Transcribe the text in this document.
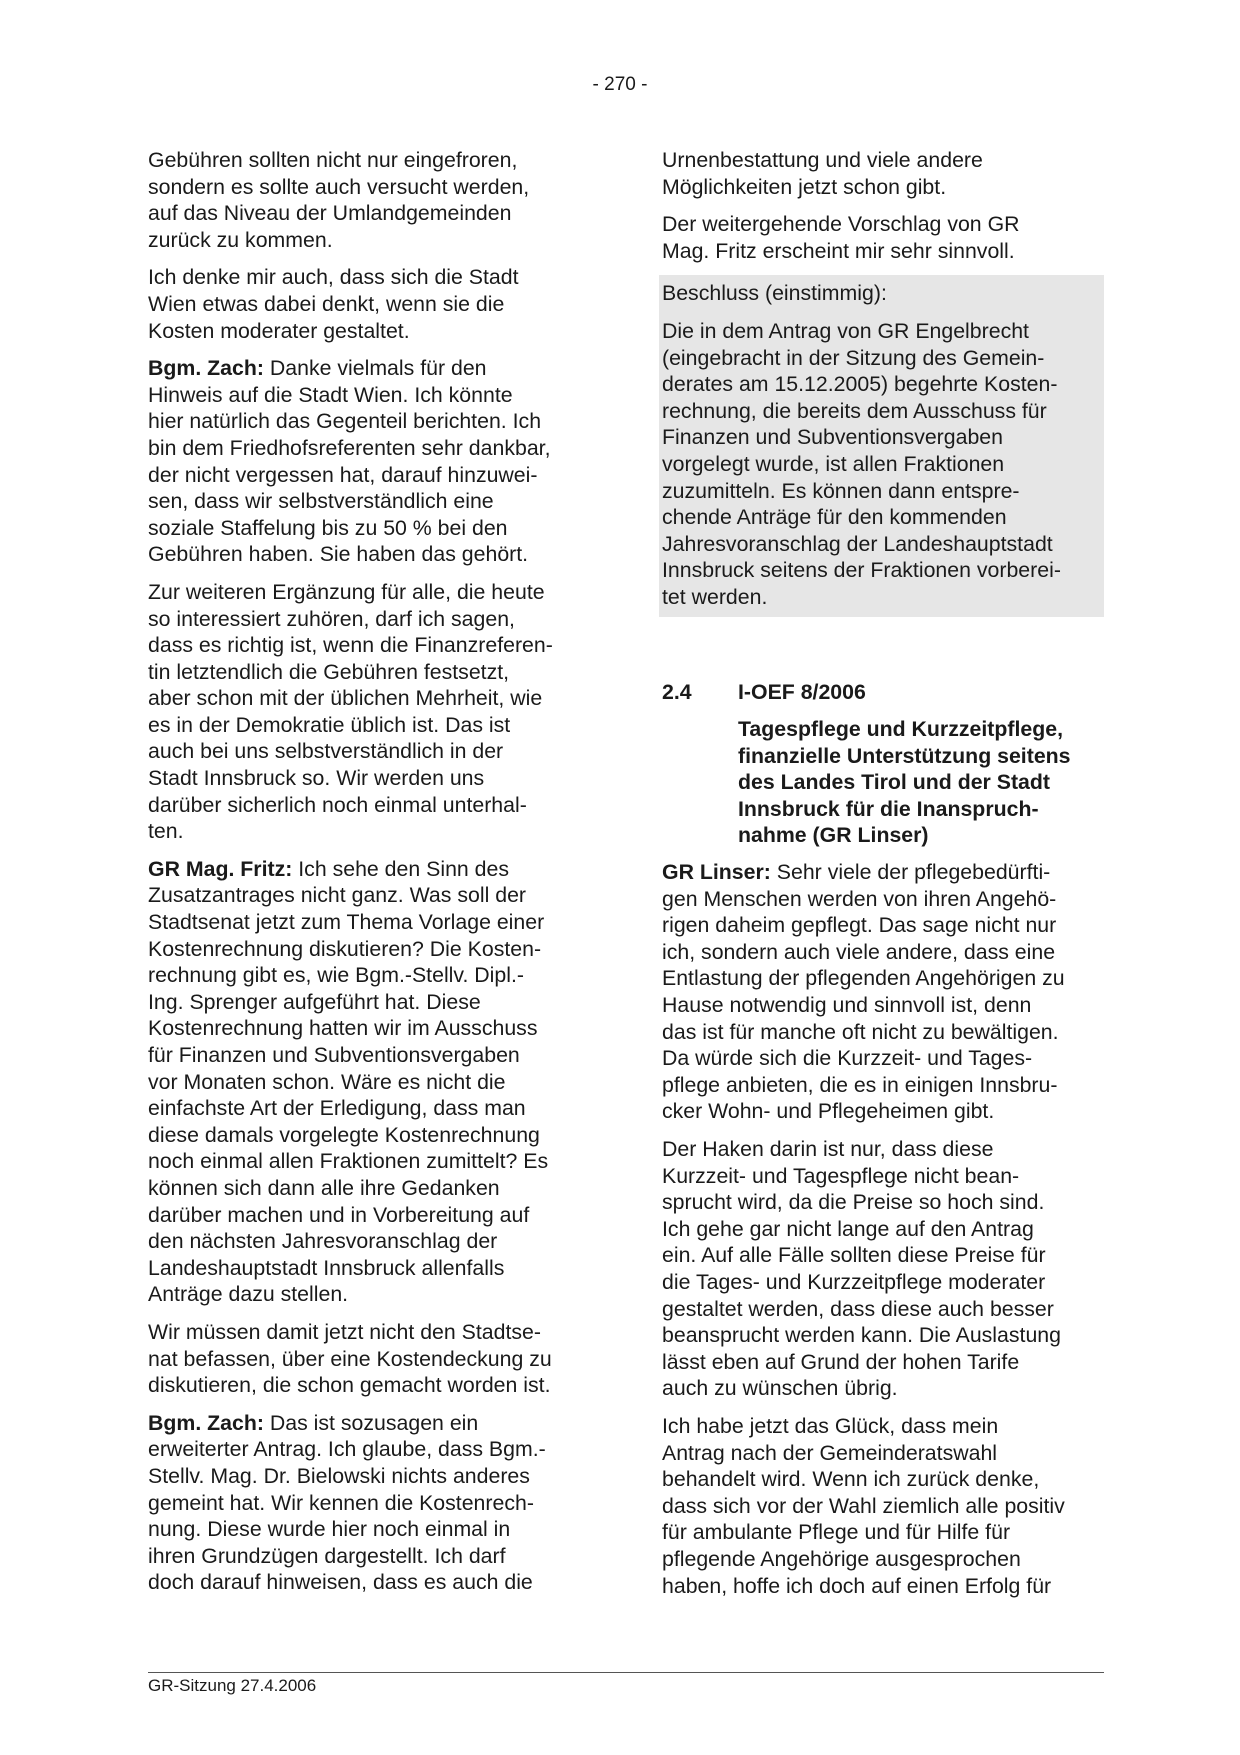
- 270 -

Gebühren sollten nicht nur eingefroren,
sondern es sollte auch versucht werden,
auf das Niveau der Umlandgemeinden
zurück zu kommen.

Ich denke mir auch, dass sich die Stadt
Wien etwas dabei denkt, wenn sie die
Kosten moderater gestaltet.

Bgm. Zach: Danke vielmals für den
Hinweis auf die Stadt Wien. Ich könnte
hier natürlich das Gegenteil berichten. Ich
bin dem Friedhofsreferenten sehr dankbar,
der nicht vergessen hat, darauf hinzuwei-
sen, dass wir selbstverständlich eine
soziale Staffelung bis zu 50 % bei den
Gebühren haben. Sie haben das gehört.

Zur weiteren Ergänzung für alle, die heute
so interessiert zuhören, darf ich sagen,
dass es richtig ist, wenn die Finanzreferen-
tin letztendlich die Gebühren festsetzt,
aber schon mit der üblichen Mehrheit, wie
es in der Demokratie üblich ist. Das ist
auch bei uns selbstverständlich in der
Stadt Innsbruck so. Wir werden uns
darüber sicherlich noch einmal unterhal-
ten.

GR Mag. Fritz: Ich sehe den Sinn des
Zusatzantrages nicht ganz. Was soll der
Stadtsenat jetzt zum Thema Vorlage einer
Kostenrechnung diskutieren? Die Kosten-
rechnung gibt es, wie Bgm.-Stellv. Dipl.-
Ing. Sprenger aufgeführt hat. Diese
Kostenrechnung hatten wir im Ausschuss
für Finanzen und Subventionsvergaben
vor Monaten schon. Wäre es nicht die
einfachste Art der Erledigung, dass man
diese damals vorgelegte Kostenrechnung
noch einmal allen Fraktionen zumittelt? Es
können sich dann alle ihre Gedanken
darüber machen und in Vorbereitung auf
den nächsten Jahresvoranschlag der
Landeshauptstadt Innsbruck allenfalls
Anträge dazu stellen.

Wir müssen damit jetzt nicht den Stadtse-
nat befassen, über eine Kostendeckung zu
diskutieren, die schon gemacht worden ist.

Bgm. Zach: Das ist sozusagen ein
erweiterter Antrag. Ich glaube, dass Bgm.-
Stellv. Mag. Dr. Bielowski nichts anderes
gemeint hat. Wir kennen die Kostenrech-
nung. Diese wurde hier noch einmal in
ihren Grundzügen dargestellt. Ich darf
doch darauf hinweisen, dass es auch die

Urnenbestattung und viele andere
Möglichkeiten jetzt schon gibt.

Der weitergehende Vorschlag von GR
Mag. Fritz erscheint mir sehr sinnvoll.

Beschluss (einstimmig):

Die in dem Antrag von GR Engelbrecht
(eingebracht in der Sitzung des Gemein-
derates am 15.12.2005) begehrte Kosten-
rechnung, die bereits dem Ausschuss für
Finanzen und Subventionsvergaben
vorgelegt wurde, ist allen Fraktionen
zuzumitteln. Es können dann entspre-
chende Anträge für den kommenden
Jahresvoranschlag der Landeshauptstadt
Innsbruck seitens der Fraktionen vorberei-
tet werden.

2.4	I-OEF 8/2006
Tagespflege und Kurzzeitpflege,
finanzielle Unterstützung seitens
des Landes Tirol und der Stadt
Innsbruck für die Inanspruch-
nahme (GR Linser)

GR Linser: Sehr viele der pflegebedürfti-
gen Menschen werden von ihren Angehö-
rigen daheim gepflegt. Das sage nicht nur
ich, sondern auch viele andere, dass eine
Entlastung der pflegenden Angehörigen zu
Hause notwendig und sinnvoll ist, denn
das ist für manche oft nicht zu bewältigen.
Da würde sich die Kurzzeit- und Tages-
pflege anbieten, die es in einigen Innsbru-
cker Wohn- und Pflegeheimen gibt.

Der Haken darin ist nur, dass diese
Kurzzeit- und Tagespflege nicht bean-
sprucht wird, da die Preise so hoch sind.
Ich gehe gar nicht lange auf den Antrag
ein. Auf alle Fälle sollten diese Preise für
die Tages- und Kurzzeitpflege moderater
gestaltet werden, dass diese auch besser
beansprucht werden kann. Die Auslastung
lässt eben auf Grund der hohen Tarife
auch zu wünschen übrig.

Ich habe jetzt das Glück, dass mein
Antrag nach der Gemeinderatswahl
behandelt wird. Wenn ich zurück denke,
dass sich vor der Wahl ziemlich alle positiv
für ambulante Pflege und für Hilfe für
pflegende Angehörige ausgesprochen
haben, hoffe ich doch auf einen Erfolg für

GR-Sitzung 27.4.2006
